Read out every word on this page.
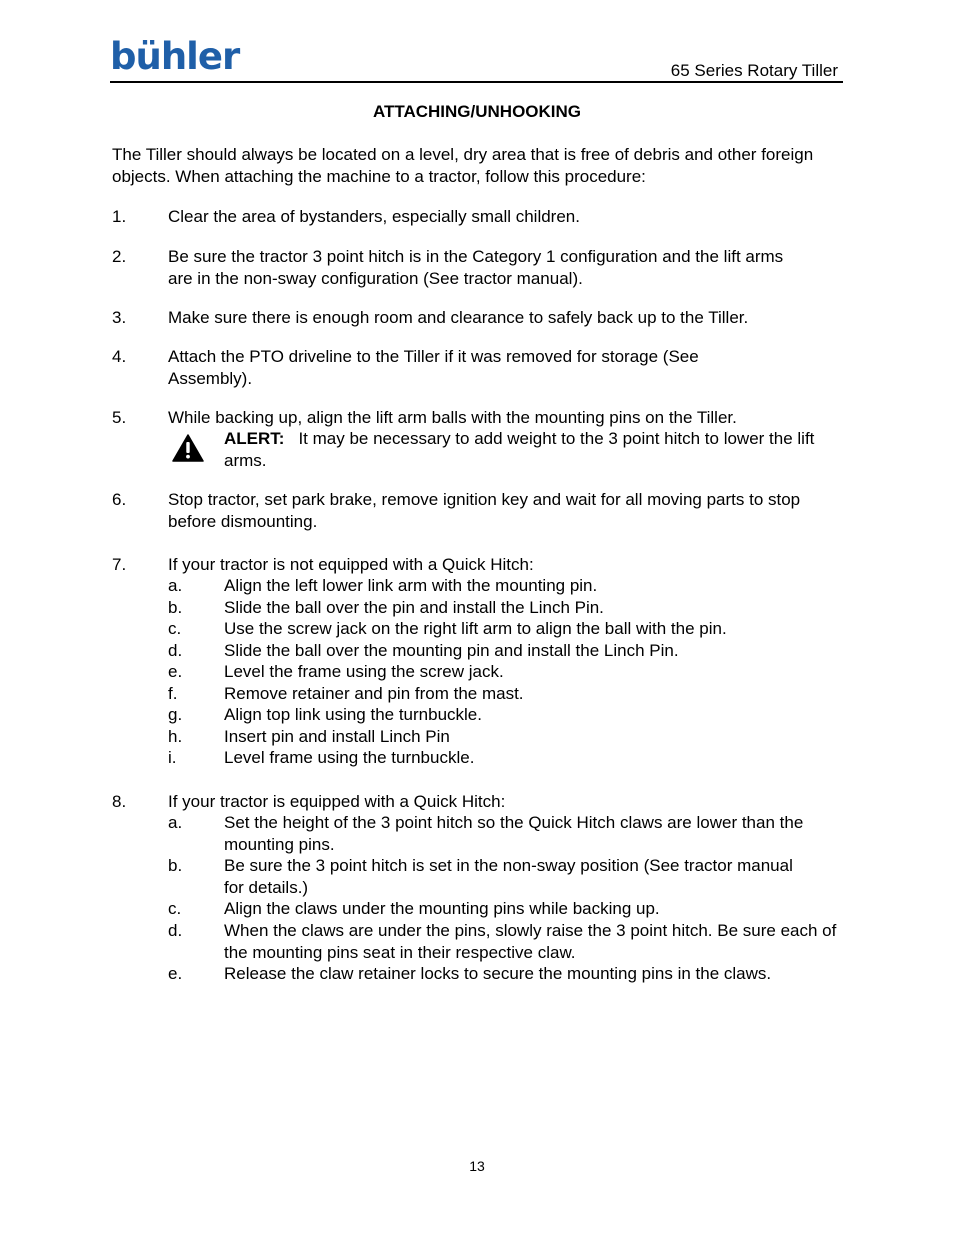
bühler	65 Series Rotary Tiller
ATTACHING/UNHOOKING
The Tiller should always be located on a level, dry area that is free of debris and other foreign objects. When attaching the machine to a tractor, follow this procedure:
1. Clear the area of bystanders, especially small children.
2. Be sure the tractor 3 point hitch is in the Category 1 configuration and the lift arms are in the non-sway configuration (See tractor manual).
3. Make sure there is enough room and clearance to safely back up to the Tiller.
4. Attach the PTO driveline to the Tiller if it was removed for storage (See Assembly).
5. While backing up, align the lift arm balls with the mounting pins on the Tiller.
ALERT: It may be necessary to add weight to the 3 point hitch to lower the lift arms.
6. Stop tractor, set park brake, remove ignition key and wait for all moving parts to stop before dismounting.
7. If your tractor is not equipped with a Quick Hitch:
a. Align the left lower link arm with the mounting pin.
b. Slide the ball over the pin and install the Linch Pin.
c.	Use the screw jack on the right lift arm to align the ball with the pin.
d. Slide the ball over the mounting pin and install the Linch Pin.
e. Level the frame using the screw jack.
f.	Remove retainer and pin from the mast.
g. Align top link using the turnbuckle.
h. Insert pin and install Linch Pin
i.	Level frame using the turnbuckle.
8. If your tractor is equipped with a Quick Hitch:
a. Set the height of the 3 point hitch so the Quick Hitch claws are lower than the mounting pins.
b. Be sure the 3 point hitch is set in the non-sway position (See tractor manual for details.)
c.	Align the claws under the mounting pins while backing up.
d. When the claws are under the pins, slowly raise the 3 point hitch. Be sure each of the mounting pins seat in their respective claw.
e. Release the claw retainer locks to secure the mounting pins in the claws.
13
